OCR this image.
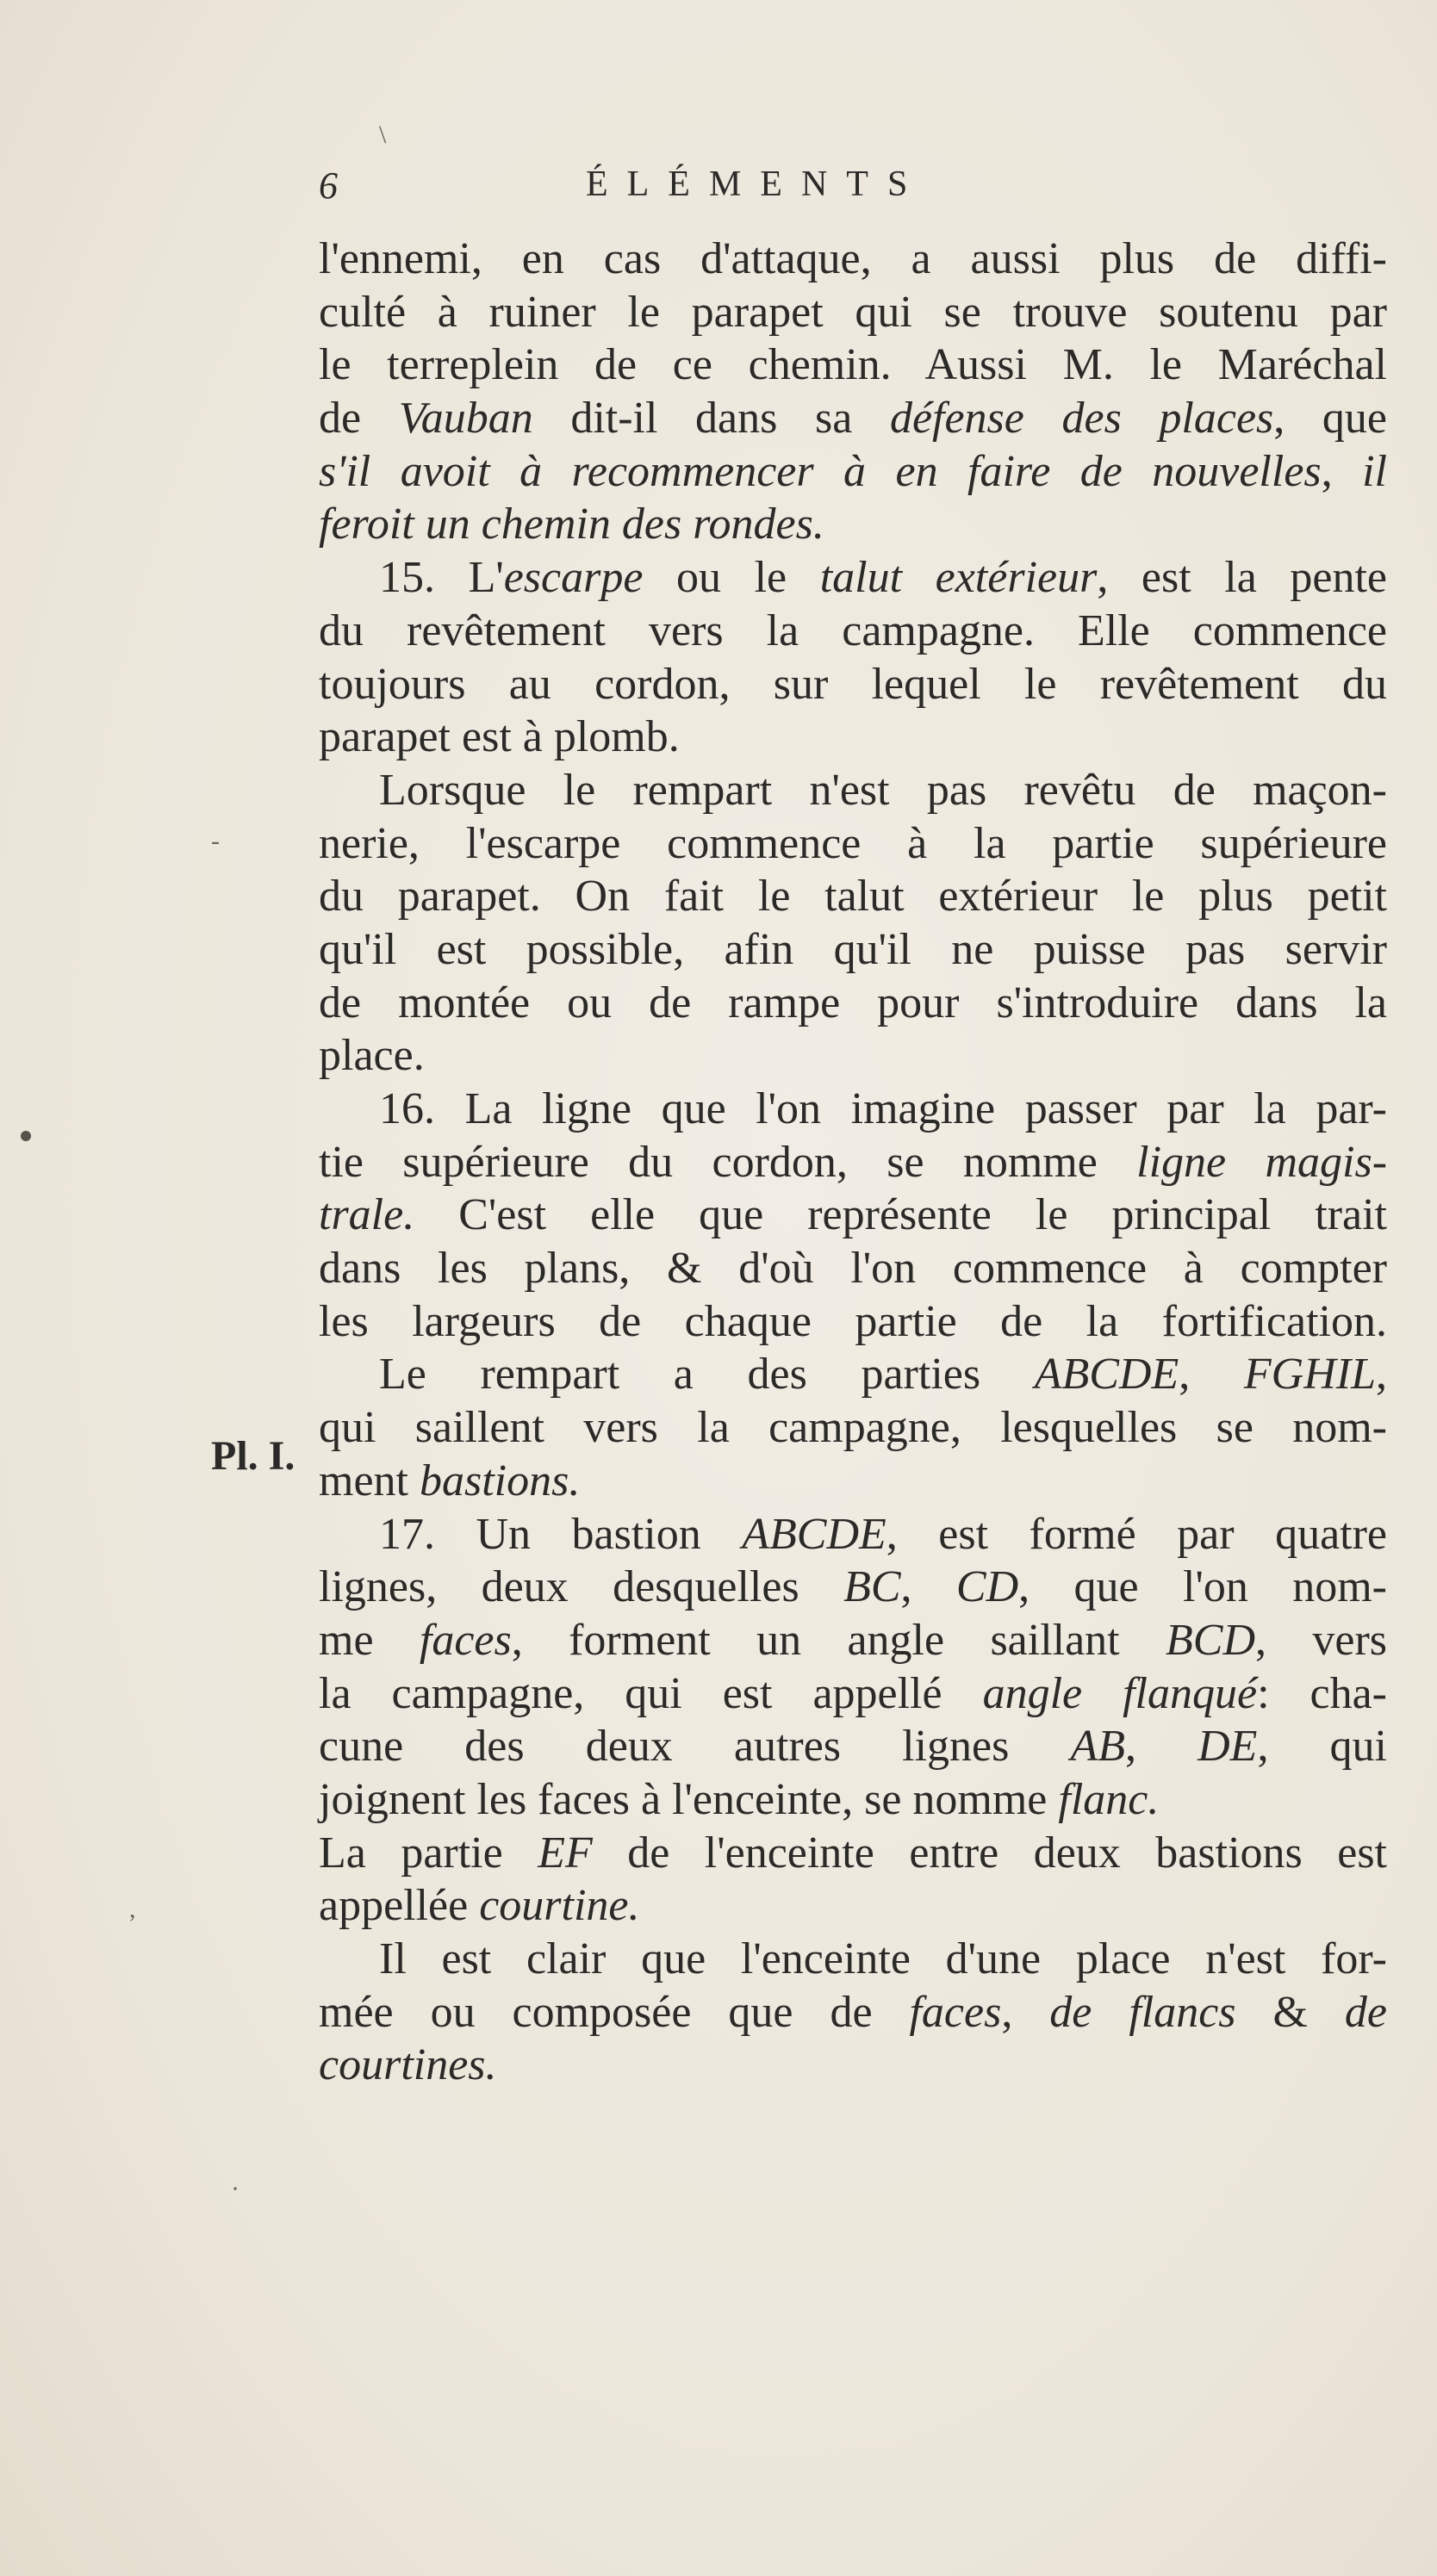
6	ÉLÉMENTS
Pl. I.
\
-
,
·
l'ennemi, en cas d'attaque, a aussi plus de diffi-
culté à ruiner le parapet qui se trouve soutenu par
le terreplein de ce chemin. Aussi M. le Maréchal
de Vauban dit-il dans sa défense des places, que
s'il avoit à recommencer à en faire de nouvelles, il
feroit un chemin des rondes.
15. L'escarpe ou le talut extérieur, est la pente
du revêtement vers la campagne. Elle commence
toujours au cordon, sur lequel le revêtement du
parapet est à plomb.
Lorsque le rempart n'est pas revêtu de maçon-
nerie, l'escarpe commence à la partie supérieure
du parapet. On fait le talut extérieur le plus petit
qu'il est possible, afin qu'il ne puisse pas servir
de montée ou de rampe pour s'introduire dans la
place.
16. La ligne que l'on imagine passer par la par-
tie supérieure du cordon, se nomme ligne magis-
trale. C'est elle que représente le principal trait
dans les plans, & d'où l'on commence à compter
les largeurs de chaque partie de la fortification.
Le rempart a des parties ABCDE, FGHIL,
qui saillent vers la campagne, lesquelles se nom-
ment bastions.
17. Un bastion ABCDE, est formé par quatre
lignes, deux desquelles BC, CD, que l'on nom-
me faces, forment un angle saillant BCD, vers
la campagne, qui est appellé angle flanqué: cha-
cune des deux autres lignes AB, DE, qui
joignent les faces à l'enceinte, se nomme flanc.
La partie EF de l'enceinte entre deux bastions est
appellée courtine.
Il est clair que l'enceinte d'une place n'est for-
mée ou composée que de faces, de flancs & de
courtines.
